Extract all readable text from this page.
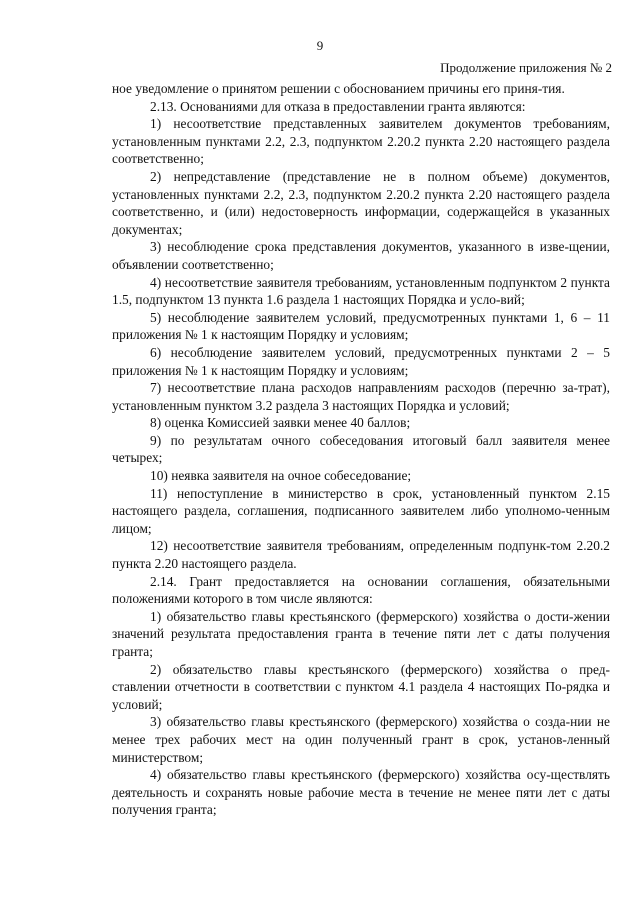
9
Продолжение приложения № 2

ное уведомление о принятом решении с обоснованием причины его приня-тия.

2.13. Основаниями для отказа в предоставлении гранта являются:

1) несоответствие представленных заявителем документов требованиям, установленным пунктами 2.2, 2.3, подпунктом 2.20.2 пункта 2.20 настоящего раздела соответственно;

2) непредставление (представление не в полном объеме) документов, установленных пунктами 2.2, 2.3, подпунктом 2.20.2 пункта 2.20 настоящего раздела соответственно, и (или) недостоверность информации, содержащейся в указанных документах;

3) несоблюдение срока представления документов, указанного в изве-щении, объявлении соответственно;

4) несоответствие заявителя требованиям, установленным подпунктом 2 пункта 1.5, подпунктом 13 пункта 1.6 раздела 1 настоящих Порядка и усло-вий;

5) несоблюдение заявителем условий, предусмотренных пунктами 1, 6 – 11 приложения № 1 к настоящим Порядку и условиям;

6) несоблюдение заявителем условий, предусмотренных пунктами 2 – 5 приложения № 1 к настоящим Порядку и условиям;

7) несоответствие плана расходов направлениям расходов (перечню за-трат), установленным пунктом 3.2 раздела 3 настоящих Порядка и условий;

8) оценка Комиссией заявки менее 40 баллов;

9) по результатам очного собеседования итоговый балл заявителя менее четырех;

10) неявка заявителя на очное собеседование;

11) непоступление в министерство в срок, установленный пунктом 2.15 настоящего раздела, соглашения, подписанного заявителем либо уполномо-ченным лицом;

12) несоответствие заявителя требованиям, определенным подпунк-том 2.20.2 пункта 2.20 настоящего раздела.

2.14. Грант предоставляется на основании соглашения, обязательными положениями которого в том числе являются:

1) обязательство главы крестьянского (фермерского) хозяйства о дости-жении значений результата предоставления гранта в течение пяти лет с даты получения гранта;

2) обязательство главы крестьянского (фермерского) хозяйства о пред-ставлении отчетности в соответствии с пунктом 4.1 раздела 4 настоящих По-рядка и условий;

3) обязательство главы крестьянского (фермерского) хозяйства о созда-нии не менее трех рабочих мест на один полученный грант в срок, установ-ленный министерством;

4) обязательство главы крестьянского (фермерского) хозяйства осу-ществлять деятельность и сохранять новые рабочие места в течение не менее пяти лет с даты получения гранта;
